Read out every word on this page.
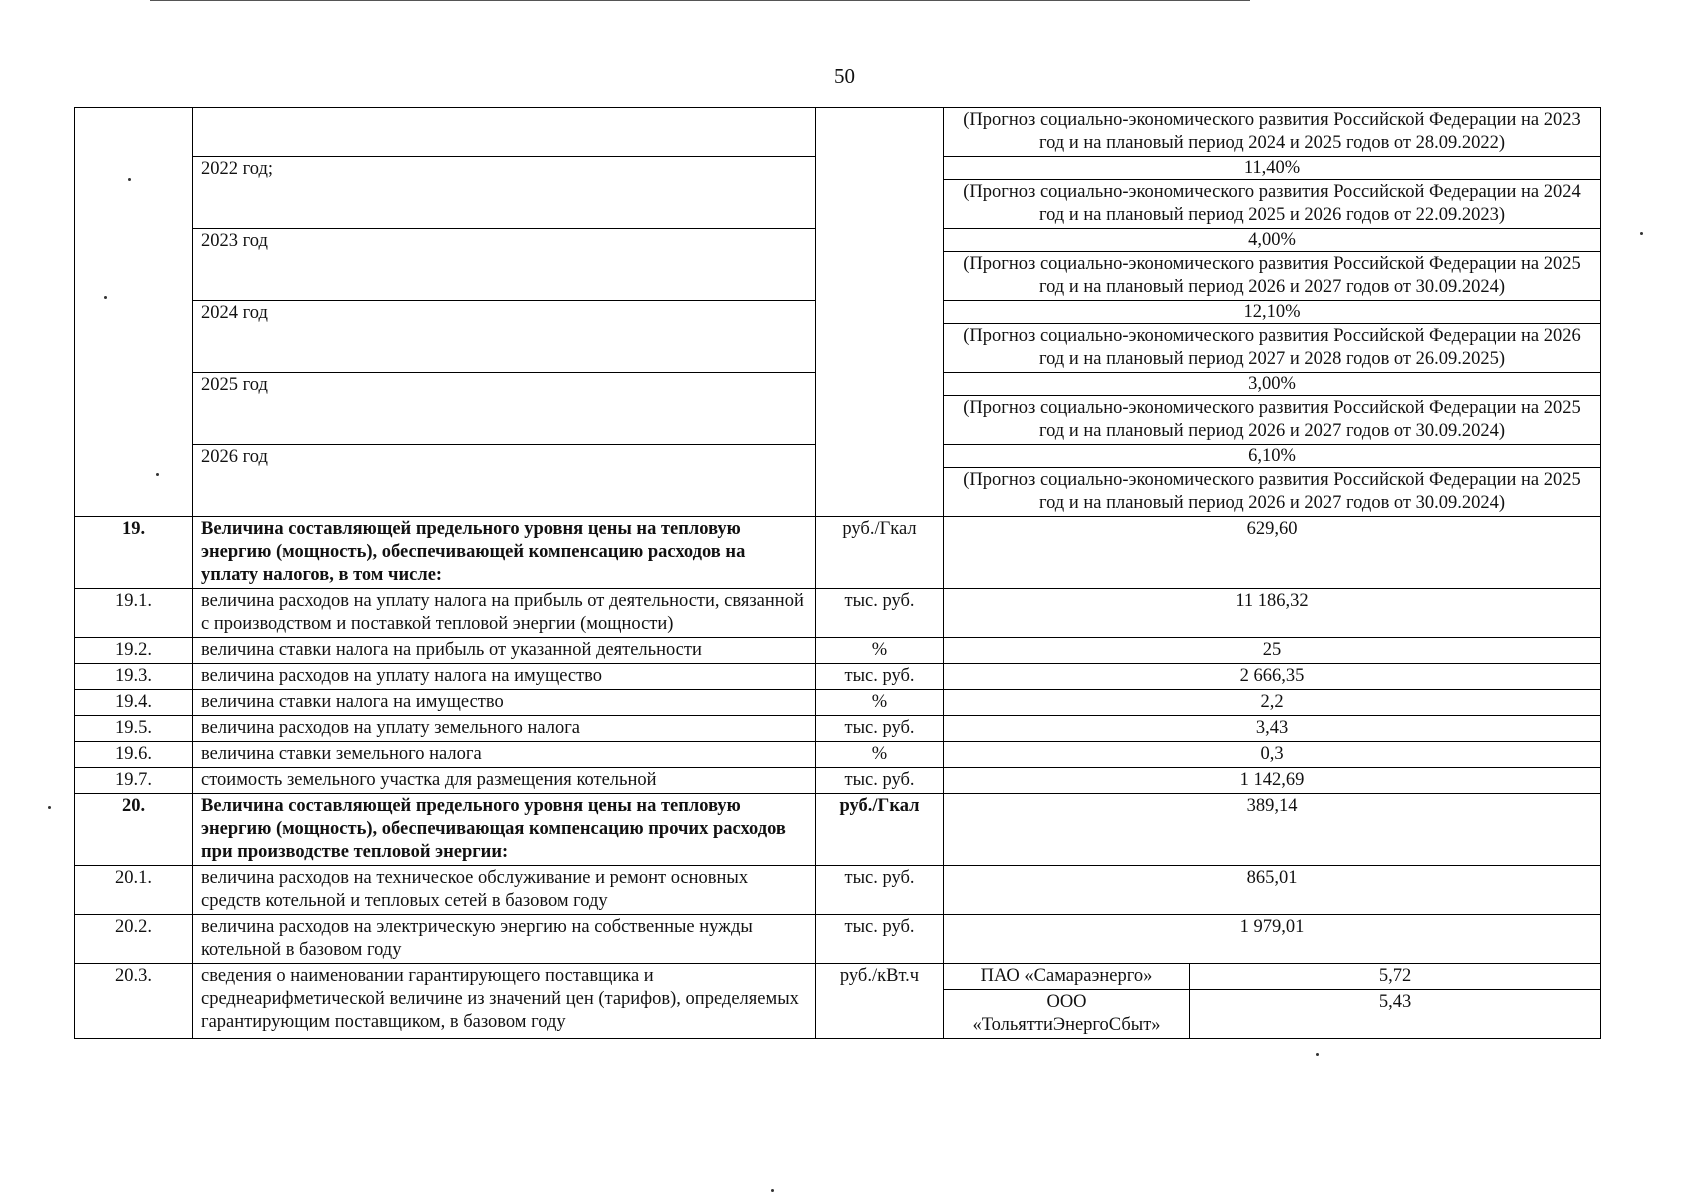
50
			(Прогноз социально-экономического развития Российской Федерации на 2023 год и на плановый период 2024 и 2025 годов от 28.09.2022)	
	2022 год;		11,40%	
			(Прогноз социально-экономического развития Российской Федерации на 2024 год и на плановый период 2025 и 2026 годов от 22.09.2023)	
	2023 год		4,00%	
			(Прогноз социально-экономического развития Российской Федерации на 2025 год и на плановый период 2026 и 2027 годов от 30.09.2024)	
	2024 год		12,10%	
			(Прогноз социально-экономического развития Российской Федерации на 2026 год и на плановый период 2027 и 2028 годов от 26.09.2025)	
	2025 год		3,00%	
			(Прогноз социально-экономического развития Российской Федерации на 2025 год и на плановый период 2026 и 2027 годов от 30.09.2024)	
	2026 год		6,10%	
			(Прогноз социально-экономического развития Российской Федерации на 2025 год и на плановый период 2026 и 2027 годов от 30.09.2024)	
19.	Величина составляющей предельного уровня цены на тепловую энергию (мощность), обеспечивающей компенсацию расходов на уплату налогов, в том числе:	руб./Гкал	629,60	
19.1.	величина расходов на уплату налога на прибыль от деятельности, связанной с производством и поставкой тепловой энергии (мощности)	тыс. руб.	11 186,32	
19.2.	величина ставки налога на прибыль от указанной деятельности	%	25	
19.3.	величина расходов на уплату налога на имущество	тыс. руб.	2 666,35	
19.4.	величина ставки налога на имущество	%	2,2	
19.5.	величина расходов на уплату земельного налога	тыс. руб.	3,43	
19.6.	величина ставки земельного налога	%	0,3	
19.7.	стоимость земельного участка для размещения котельной	тыс. руб.	1 142,69	
20.	Величина составляющей предельного уровня цены на тепловую энергию (мощность), обеспечивающая компенсацию прочих расходов при производстве тепловой энергии:	руб./Гкал	389,14	
20.1.	величина расходов на техническое обслуживание и ремонт основных средств котельной и тепловых сетей в базовом году	тыс. руб.	865,01	
20.2.	величина расходов на электрическую энергию на собственные нужды котельной в базовом году	тыс. руб.	1 979,01	
20.3.	сведения о наименовании гарантирующего поставщика и среднеарифметической величине из значений цен (тарифов), определяемых гарантирующим поставщиком, в базовом году	руб./кВт.ч	ПАО «Самараэнерго»	5,72
			ООО «ТольяттиЭнергоСбыт»	5,43
